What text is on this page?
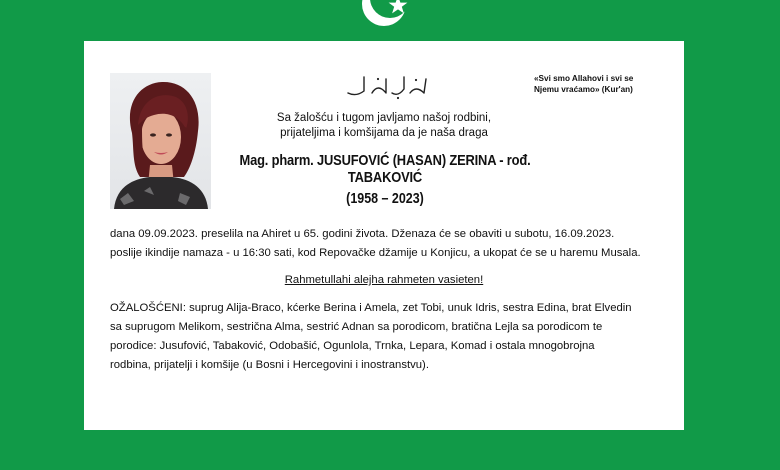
«Svi smo Allahovi i svi se
Njemu vraćamo» (Kur'an)
Sa žalošću i tugom javljamo našoj rodbini,
prijateljima i komšijama da je naša draga
Mag. pharm. JUSUFOVIĆ (HASAN) ZERINA - rođ. TABAKOVIĆ
(1958 – 2023)

dana 09.09.2023. preselila na Ahiret u 65. godini života. Dženaza će se obaviti u subotu, 16.09.2023.

poslije ikindije namaza - u 16:30 sati, kod Repovačke džamije u Konjicu, a ukopat će se u haremu Musala.

Rahmetullahi alejha rahmeten vasieten!
OŽALOŠĆENI: suprug Alija-Braco, kćerke Berina i Amela, zet Tobi, unuk Idris, sestra Edina, brat Elvedin
sa suprugom Melikom, sestrična Alma, sestrić Adnan sa porodicom, bratična Lejla sa porodicom te
porodice: Jusufović, Tabaković, Odobašić, Ogunlola, Trnka, Lepara, Komad i ostala mnogobrojna
rodbina, prijatelji i komšije (u Bosni i Hercegovini i inostranstvu).
